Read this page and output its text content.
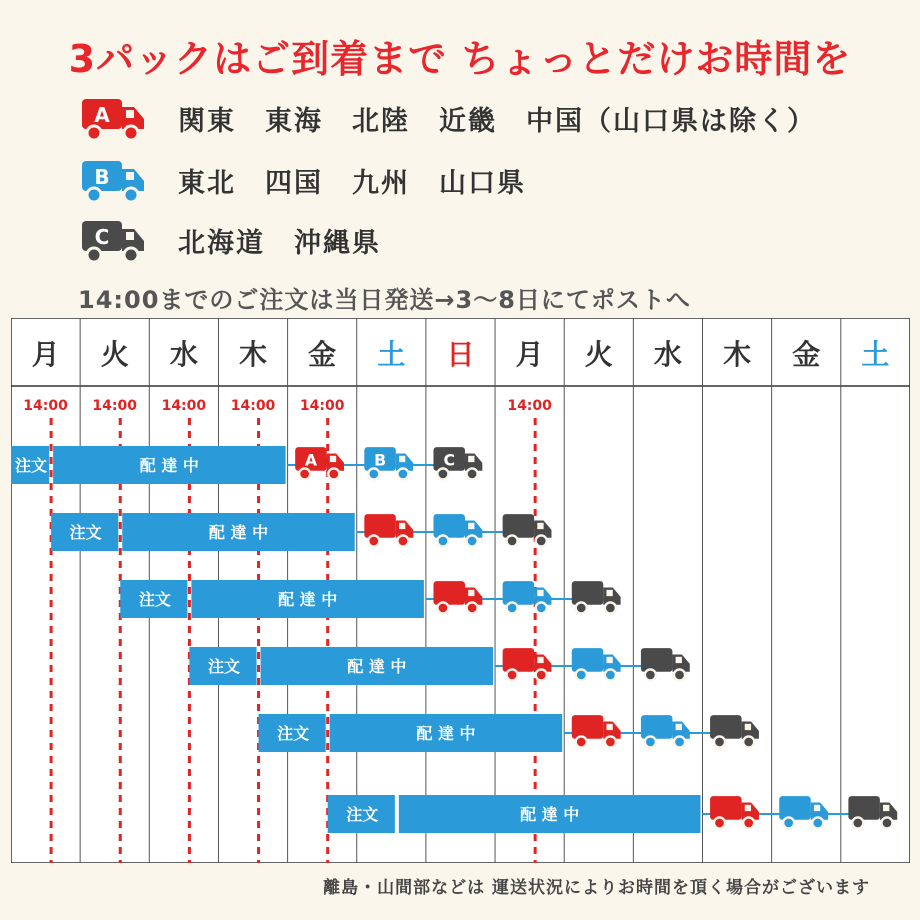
3パックはご到着まで ちょっとだけお時間を
A	関東　東海　北陸　近畿　中国（山口県は除く）
B	東北　四国　九州　山口県
C	北海道　沖縄県
14:00までのご注文は当日発送→3〜8日にてポストへ
月 火 水 木 金 土 日 月 火 水 木 金 土
14:00 14:00 14:00 14:00 14:00	14:00
注文	配 達 中	A	B	C
注文	配 達 中
注文	配 達 中
注文	配 達 中
注文	配 達 中
注文	配 達 中
離島・山間部などは 運送状況によりお時間を頂く場合がございます
